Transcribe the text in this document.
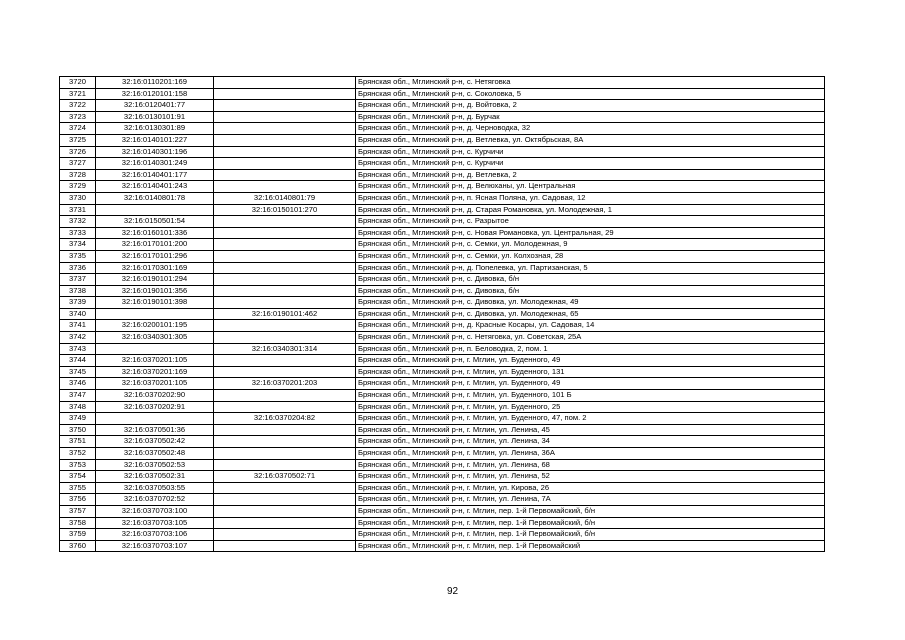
3720	32:16:0110201:169		Брянская обл., Мглинский р-н, с. Нетяговка
3721	32:16:0120101:158		Брянская обл., Мглинский р-н, с. Соколовка, 5
3722	32:16:0120401:77		Брянская обл., Мглинский р-н, д. Войтовка, 2
3723	32:16:0130101:91		Брянская обл., Мглинский р-н, д. Бурчак
3724	32:16:0130301:89		Брянская обл., Мглинский р-н, д. Черноводка, 32
3725	32:16:0140101:227		Брянская обл., Мглинский р-н, д. Ветлевка, ул. Октябрьская, 8А
3726	32:16:0140301:196		Брянская обл., Мглинский р-н, с. Курчичи
3727	32:16:0140301:249		Брянская обл., Мглинский р-н, с. Курчичи
3728	32:16:0140401:177		Брянская обл., Мглинский р-н, д. Ветлевка, 2
3729	32:16:0140401:243		Брянская обл., Мглинский р-н, д. Велюханы, ул. Центральная
3730	32:16:0140801:78	32:16:0140801:79	Брянская обл., Мглинский р-н, п. Ясная Поляна, ул. Садовая, 12
3731		32:16:0150101:270	Брянская обл., Мглинский р-н, д. Старая Романовка, ул. Молодежная, 1
3732	32:16:0150501:54		Брянская обл., Мглинский р-н, с. Разрытое
3733	32:16:0160101:336		Брянская обл., Мглинский р-н, с. Новая Романовка, ул. Центральная, 29
3734	32:16:0170101:200		Брянская обл., Мглинский р-н, с. Семки, ул. Молодежная, 9
3735	32:16:0170101:296		Брянская обл., Мглинский р-н, с. Семки, ул. Колхозная, 28
3736	32:16:0170301:169		Брянская обл., Мглинский р-н, д. Попелевка, ул. Партизанская, 5
3737	32:16:0190101:294		Брянская обл., Мглинский р-н, с. Дивовка, б/н
3738	32:16:0190101:356		Брянская обл., Мглинский р-н, с. Дивовка, б/н
3739	32:16:0190101:398		Брянская обл., Мглинский р-н, с. Дивовка, ул. Молодежная, 49
3740		32:16:0190101:462	Брянская обл., Мглинский р-н, с. Дивовка, ул. Молодежная, 65
3741	32:16:0200101:195		Брянская обл., Мглинский р-н, д. Красные Косары, ул. Садовая, 14
3742	32:16:0340301:305		Брянская обл., Мглинский р-н, с. Нетяговка, ул. Советская, 25А
3743		32:16:0340301:314	Брянская обл., Мглинский р-н, п. Беловодка, 2, пом. 1
3744	32:16:0370201:105		Брянская обл., Мглинский р-н, г. Мглин, ул. Буденного, 49
3745	32:16:0370201:169		Брянская обл., Мглинский р-н, г. Мглин, ул. Буденного, 131
3746	32:16:0370201:105	32:16:0370201:203	Брянская обл., Мглинский р-н, г. Мглин, ул. Буденного, 49
3747	32:16:0370202:90		Брянская обл., Мглинский р-н, г. Мглин, ул. Буденного, 101 Б
3748	32:16:0370202:91		Брянская обл., Мглинский р-н, г. Мглин, ул. Буденного, 25
3749		32:16:0370204:82	Брянская обл., Мглинский р-н, г. Мглин, ул. Буденного, 47, пом. 2
3750	32:16:0370501:36		Брянская обл., Мглинский р-н, г. Мглин, ул. Ленина, 45
3751	32:16:0370502:42		Брянская обл., Мглинский р-н, г. Мглин, ул. Ленина, 34
3752	32:16:0370502:48		Брянская обл., Мглинский р-н, г. Мглин, ул. Ленина, 36А
3753	32:16:0370502:53		Брянская обл., Мглинский р-н, г. Мглин, ул. Ленина, 68
3754	32:16:0370502:31	32:16:0370502:71	Брянская обл., Мглинский р-н, г. Мглин, ул. Ленина, 52
3755	32:16:0370503:55		Брянская обл., Мглинский р-н, г. Мглин, ул. Кирова, 26
3756	32:16:0370702:52		Брянская обл., Мглинский р-н, г. Мглин, ул. Ленина, 7А
3757	32:16:0370703:100		Брянская обл., Мглинский р-н, г. Мглин, пер. 1-й Первомайский, б/н
3758	32:16:0370703:105		Брянская обл., Мглинский р-н, г. Мглин, пер. 1-й Первомайский, б/н
3759	32:16:0370703:106		Брянская обл., Мглинский р-н, г. Мглин, пер. 1-й Первомайский, б/н
3760	32:16:0370703:107		Брянская обл., Мглинский р-н, г. Мглин, пер. 1-й Первомайский
92
